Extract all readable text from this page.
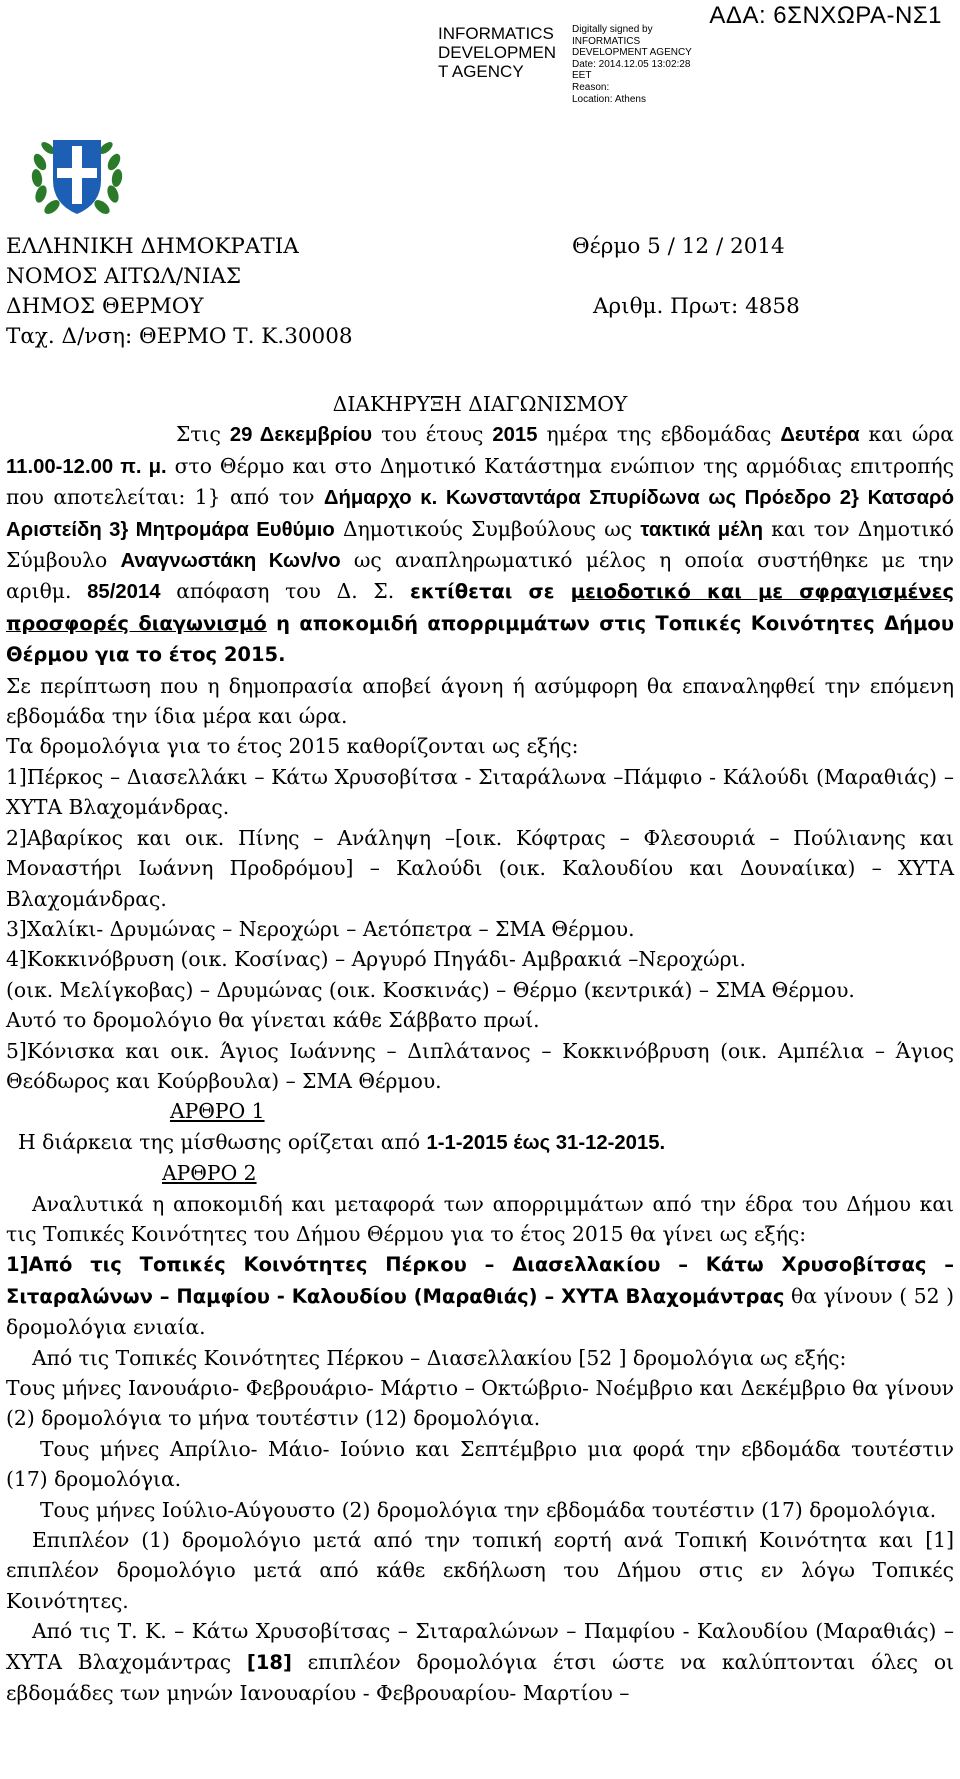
ΑΔΑ: 6ΣΝΧΩΡΑ-ΝΣ1
INFORMATICS
DEVELOPMEN
T AGENCY
Digitally signed by
INFORMATICS
DEVELOPMENT AGENCY
Date: 2014.12.05 13:02:28
EET
Reason:
Location: Athens
ΕΛΛΗΝΙΚΗ ΔΗΜΟΚΡΑΤΙΑ
ΝΟΜΟΣ ΑΙΤΩΛ/ΝΙΑΣ
ΔΗΜΟΣ ΘΕΡΜΟΥ
Ταχ. Δ/νση: ΘΕΡΜΟ Τ. Κ.30008
Θέρμο 5 / 12 / 2014
Αριθμ. Πρωτ: 4858

ΔΙΑΚΗΡΥΞΗ ΔΙΑΓΩΝΙΣΜΟΥ

Στις 29 Δεκεμβρίου του έτους 2015 ημέρα της εβδομάδας Δευτέρα και ώρα 11.00-12.00 π. μ. στο Θέρμο και στο Δημοτικό Κατάστημα ενώπιον της αρμόδιας επιτροπής που αποτελείται: 1} από τον Δήμαρχο κ. Κωνσταντάρα Σπυρίδωνα ως Πρόεδρο 2} Κατσαρό Αριστείδη 3} Μητρομάρα Ευθύμιο Δημοτικούς Συμβούλους ως τακτικά μέλη και τον Δημοτικό Σύμβουλο Αναγνωστάκη Κων/νο ως αναπληρωματικό μέλος η οποία συστήθηκε με την αριθμ. 85/2014 απόφαση του Δ. Σ. εκτίθεται σε μειοδοτικό και με σφραγισμένες προσφορές διαγωνισμό η αποκομιδή απορριμμάτων στις Τοπικές Κοινότητες Δήμου Θέρμου για το έτος 2015.

Σε περίπτωση που η δημοπρασία αποβεί άγονη ή ασύμφορη θα επαναληφθεί την επόμενη εβδομάδα την ίδια μέρα και ώρα.

Τα δρομολόγια για το έτος 2015 καθορίζονται ως εξής:

1]Πέρκος – Διασελλάκι – Κάτω Χρυσοβίτσα - Σιταράλωνα –Πάμφιο - Κάλούδι (Μαραθιάς) – ΧΥΤΑ Βλαχομάνδρας.

2]Αβαρίκος και οικ. Πίνης – Ανάληψη –[οικ. Κόφτρας – Φλεσουριά – Πούλιανης και Μοναστήρι Ιωάννη Προδρόμου] – Καλούδι (οικ. Καλουδίου και Δουναίικα) – ΧΥΤΑ Βλαχομάνδρας.

3]Χαλίκι- Δρυμώνας – Νεροχώρι – Αετόπετρα – ΣΜΑ Θέρμου.

4]Κοκκινόβρυση (οικ. Κοσίνας) – Αργυρό Πηγάδι- Αμβρακιά –Νεροχώρι.

(οικ. Μελίγκοβας) – Δρυμώνας (οικ. Κοσκινάς) – Θέρμο (κεντρικά) – ΣΜΑ Θέρμου.

Αυτό το δρομολόγιο θα γίνεται κάθε Σάββατο πρωί.

5]Κόνισκα και οικ. Άγιος Ιωάννης – Διπλάτανος – Κοκκινόβρυση (οικ. Αμπέλια – Άγιος Θεόδωρος και Κούρβουλα) – ΣΜΑ Θέρμου.

ΑΡΘΡΟ 1

Η διάρκεια της μίσθωσης ορίζεται από 1-1-2015 έως 31-12-2015.

ΑΡΘΡΟ 2

Αναλυτικά η αποκομιδή και μεταφορά των απορριμμάτων από την έδρα του Δήμου και τις Τοπικές Κοινότητες του Δήμου Θέρμου για το έτος 2015 θα γίνει ως εξής:

1]Από τις Τοπικές Κοινότητες Πέρκου – Διασελλακίου – Κάτω Χρυσοβίτσας – Σιταραλώνων – Παμφίου - Καλουδίου (Μαραθιάς) – ΧΥΤΑ Βλαχομάντρας θα γίνουν ( 52 ) δρομολόγια ενιαία.

Από τις Τοπικές Κοινότητες Πέρκου – Διασελλακίου [52 ] δρομολόγια ως εξής:

Τους μήνες Ιανουάριο- Φεβρουάριο- Μάρτιο – Οκτώβριο- Νοέμβριο και Δεκέμβριο θα γίνουν (2) δρομολόγια το μήνα τουτέστιν (12) δρομολόγια.

Τους μήνες Απρίλιο- Μάιο- Ιούνιο και Σεπτέμβριο μια φορά την εβδομάδα τουτέστιν (17) δρομολόγια.

Τους μήνες Ιούλιο-Αύγουστο (2) δρομολόγια την εβδομάδα τουτέστιν (17) δρομολόγια.

Επιπλέον (1) δρομολόγιο μετά από την τοπική εορτή ανά Τοπική Κοινότητα και [1] επιπλέον δρομολόγιο μετά από κάθε εκδήλωση του Δήμου στις εν λόγω Τοπικές Κοινότητες.

Από τις Τ. Κ. – Κάτω Χρυσοβίτσας – Σιταραλώνων – Παμφίου - Καλουδίου (Μαραθιάς) – ΧΥΤΑ Βλαχομάντρας [18] επιπλέον δρομολόγια έτσι ώστε να καλύπτονται όλες οι εβδομάδες των μηνών Ιανουαρίου - Φεβρουαρίου- Μαρτίου –
